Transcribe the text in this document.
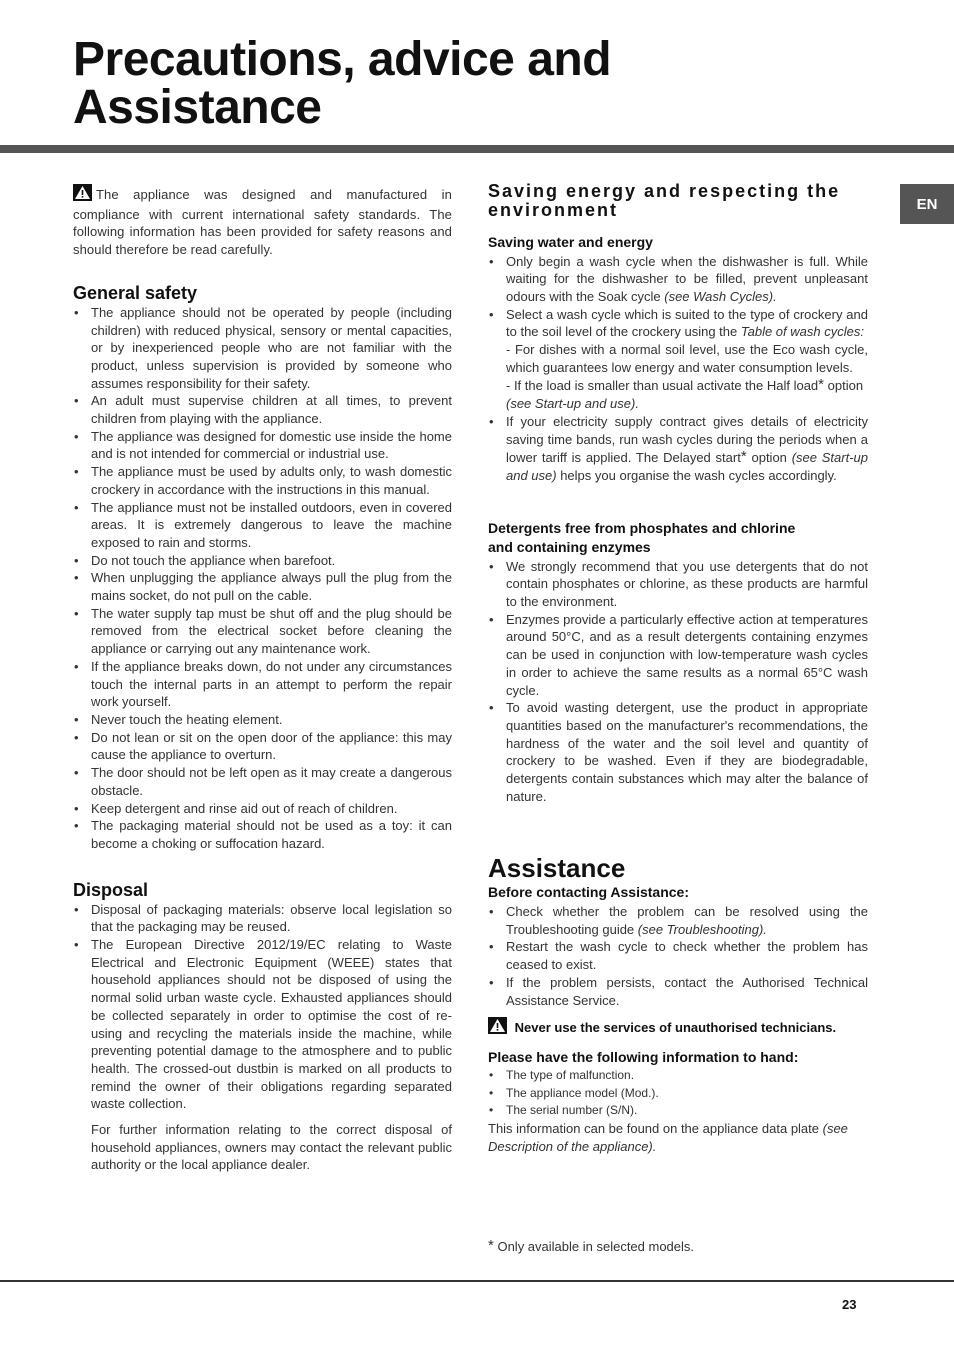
Precautions, advice and
Assistance
EN

The appliance was designed and manufactured in compliance with current international safety standards. The following information has been provided for safety reasons and should therefore be read carefully.

General safety
• The appliance should not be operated by people (including children) with reduced physical, sensory or mental capacities, or by inexperienced people who are not familiar with the product, unless supervision is provided by someone who assumes responsibility for their safety.
• An adult must supervise children at all times, to prevent children from playing with the appliance.
• The appliance was designed for domestic use inside the home and is not intended for commercial or industrial use.
• The appliance must be used by adults only, to wash domestic crockery in accordance with the instructions in this manual.
• The appliance must not be installed outdoors, even in covered areas. It is extremely dangerous to leave the machine exposed to rain and storms.
• Do not touch the appliance when barefoot.
• When unplugging the appliance always pull the plug from the mains socket, do not pull on the cable.
• The water supply tap must be shut off and the plug should be removed from the electrical socket before cleaning the appliance or carrying out any maintenance work.
• If the appliance breaks down, do not under any circumstances touch the internal parts in an attempt to perform the repair work yourself.
• Never touch the heating element.
• Do not lean or sit on the open door of the appliance: this may cause the appliance to overturn.
• The door should not be left open as it may create a dangerous obstacle.
• Keep detergent and rinse aid out of reach of children.
• The packaging material should not be used as a toy: it can become a choking or suffocation hazard.
Disposal
• Disposal of packaging materials: observe local legislation so that the packaging may be reused.
• The European Directive 2012/19/EC relating to Waste Electrical and Electronic Equipment (WEEE) states that household appliances should not be disposed of using the normal solid urban waste cycle. Exhausted appliances should be collected separately in order to optimise the cost of re-using and recycling the materials inside the machine, while preventing potential damage to the atmosphere and to public health. The crossed-out dustbin is marked on all products to remind the owner of their obligations regarding separated waste collection.

For further information relating to the correct disposal of household appliances, owners may contact the relevant public authority or the local appliance dealer.

Saving energy and respecting the environment
Saving water and energy
• Only begin a wash cycle when the dishwasher is full. While waiting for the dishwasher to be filled, prevent unpleasant odours with the Soak cycle (see Wash Cycles).
• Select a wash cycle which is suited to the type of crockery and to the soil level of the crockery using the Table of wash cycles:
- For dishes with a normal soil level, use the Eco wash cycle, which guarantees low energy and water consumption levels.
- If the load is smaller than usual activate the Half load* option
(see Start-up and use).
• If your electricity supply contract gives details of electricity saving time bands, run wash cycles during the periods when a lower tariff is applied. The Delayed start* option (see Start-up and use) helps you organise the wash cycles accordingly.
Detergents free from phosphates and chlorine
and containing enzymes
• We strongly recommend that you use detergents that do not contain phosphates or chlorine, as these products are harmful to the environment.
• Enzymes provide a particularly effective action at temperatures around 50°C, and as a result detergents containing enzymes can be used in conjunction with low-temperature wash cycles in order to achieve the same results as a normal 65°C wash cycle.
• To avoid wasting detergent, use the product in appropriate quantities based on the manufacturer's recommendations, the hardness of the water and the soil level and quantity of crockery to be washed. Even if they are biodegradable, detergents contain substances which may alter the balance of nature.
Assistance
Before contacting Assistance:
• Check whether the problem can be resolved using the Troubleshooting guide (see Troubleshooting).
• Restart the wash cycle to check whether the problem has ceased to exist.
• If the problem persists, contact the Authorised Technical Assistance Service.
Never use the services of unauthorised technicians.
Please have the following information to hand:
• The type of malfunction.
• The appliance model (Mod.).
• The serial number (S/N).

This information can be found on the appliance data plate (see Description of the appliance).

* Only available in selected models.
23
